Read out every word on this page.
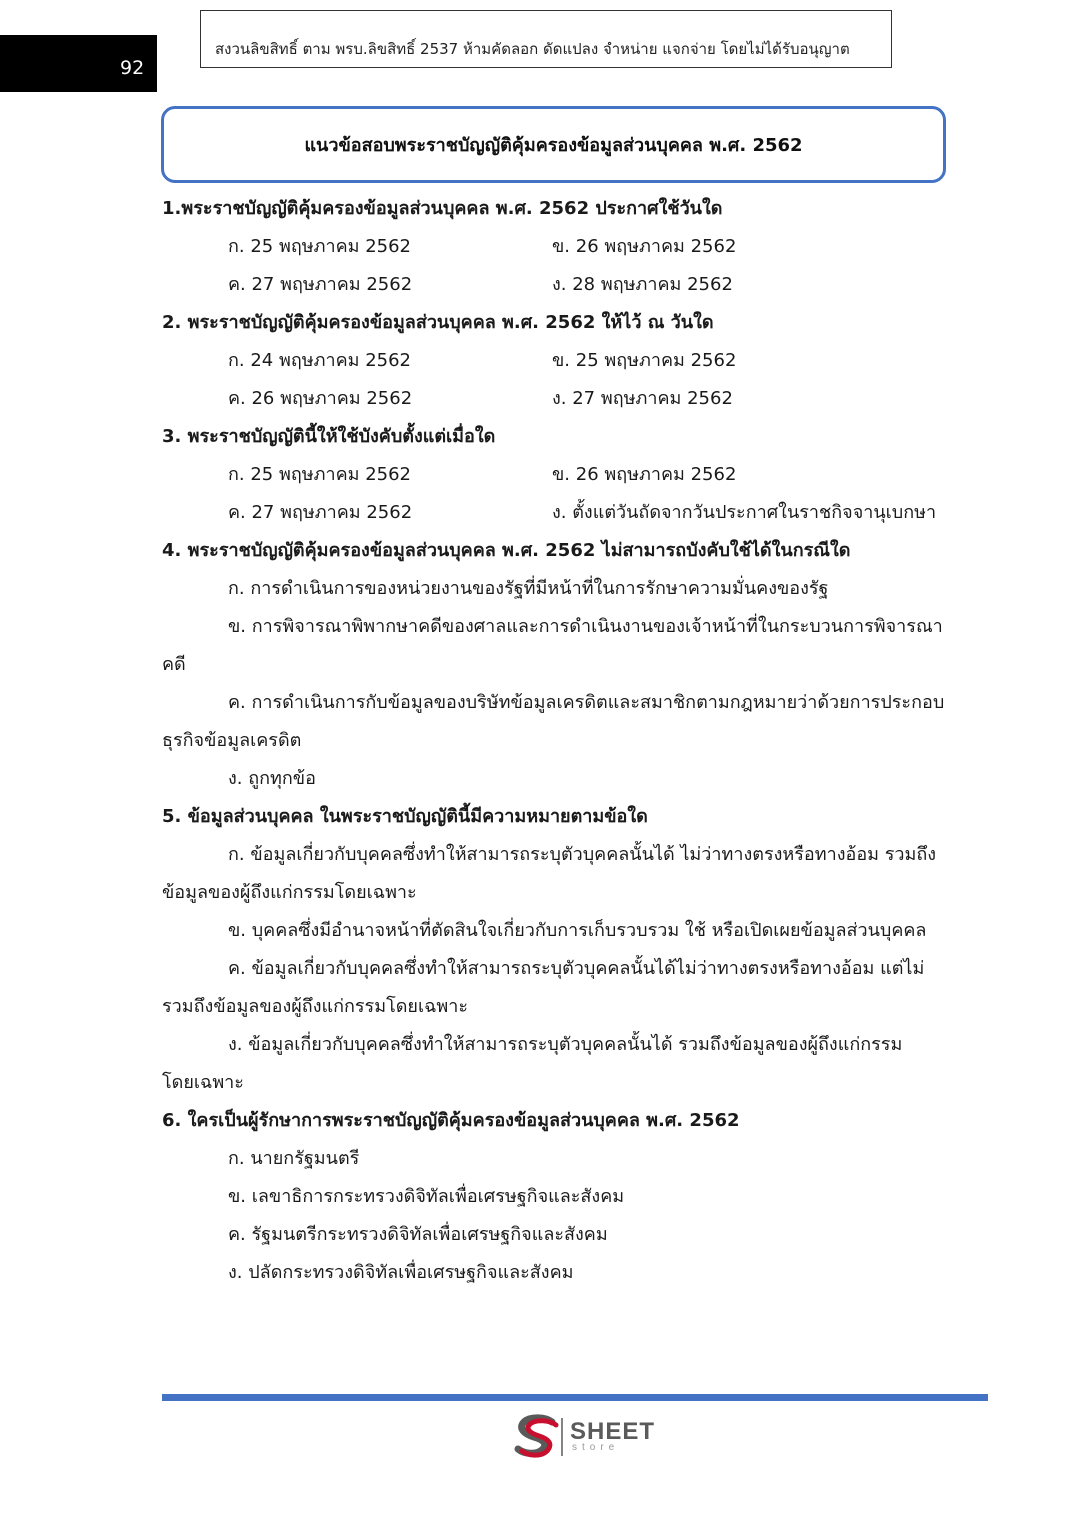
92
สงวนลิขสิทธิ์ ตาม พรบ.ลิขสิทธิ์ 2537 ห้ามคัดลอก ดัดแปลง จำหน่าย แจกจ่าย โดยไม่ได้รับอนุญาต
แนวข้อสอบพระราชบัญญัติคุ้มครองข้อมูลส่วนบุคคล พ.ศ. 2562
1.พระราชบัญญัติคุ้มครองข้อมูลส่วนบุคคล พ.ศ. 2562 ประกาศใช้วันใด
ก. 25 พฤษภาคม 2562	ข. 26 พฤษภาคม 2562
ค. 27 พฤษภาคม 2562	ง. 28 พฤษภาคม 2562
2. พระราชบัญญัติคุ้มครองข้อมูลส่วนบุคคล พ.ศ. 2562 ให้ไว้ ณ วันใด
ก. 24 พฤษภาคม 2562	ข. 25 พฤษภาคม 2562
ค. 26 พฤษภาคม 2562	ง. 27 พฤษภาคม 2562
3. พระราชบัญญัตินี้ให้ใช้บังคับตั้งแต่เมื่อใด
ก. 25 พฤษภาคม 2562	ข. 26 พฤษภาคม 2562
ค. 27 พฤษภาคม 2562	ง. ตั้งแต่วันถัดจากวันประกาศในราชกิจจานุเบกษา
4. พระราชบัญญัติคุ้มครองข้อมูลส่วนบุคคล พ.ศ. 2562 ไม่สามารถบังคับใช้ได้ในกรณีใด
ก. การดำเนินการของหน่วยงานของรัฐที่มีหน้าที่ในการรักษาความมั่นคงของรัฐ
ข. การพิจารณาพิพากษาคดีของศาลและการดำเนินงานของเจ้าหน้าที่ในกระบวนการพิจารณา
คดี
ค. การดำเนินการกับข้อมูลของบริษัทข้อมูลเครดิตและสมาชิกตามกฎหมายว่าด้วยการประกอบ
ธุรกิจข้อมูลเครดิต
ง. ถูกทุกข้อ
5. ข้อมูลส่วนบุคคล ในพระราชบัญญัตินี้มีความหมายตามข้อใด
ก. ข้อมูลเกี่ยวกับบุคคลซึ่งทำให้สามารถระบุตัวบุคคลนั้นได้ ไม่ว่าทางตรงหรือทางอ้อม รวมถึง
ข้อมูลของผู้ถึงแก่กรรมโดยเฉพาะ
ข. บุคคลซึ่งมีอำนาจหน้าที่ตัดสินใจเกี่ยวกับการเก็บรวบรวม ใช้ หรือเปิดเผยข้อมูลส่วนบุคคล
ค. ข้อมูลเกี่ยวกับบุคคลซึ่งทำให้สามารถระบุตัวบุคคลนั้นได้ไม่ว่าทางตรงหรือทางอ้อม แต่ไม่
รวมถึงข้อมูลของผู้ถึงแก่กรรมโดยเฉพาะ
ง. ข้อมูลเกี่ยวกับบุคคลซึ่งทำให้สามารถระบุตัวบุคคลนั้นได้ รวมถึงข้อมูลของผู้ถึงแก่กรรม
โดยเฉพาะ
6. ใครเป็นผู้รักษาการพระราชบัญญัติคุ้มครองข้อมูลส่วนบุคคล พ.ศ. 2562
ก. นายกรัฐมนตรี
ข. เลขาธิการกระทรวงดิจิทัลเพื่อเศรษฐกิจและสังคม
ค. รัฐมนตรีกระทรวงดิจิทัลเพื่อเศรษฐกิจและสังคม
ง. ปลัดกระทรวงดิจิทัลเพื่อเศรษฐกิจและสังคม
SHEET
store
